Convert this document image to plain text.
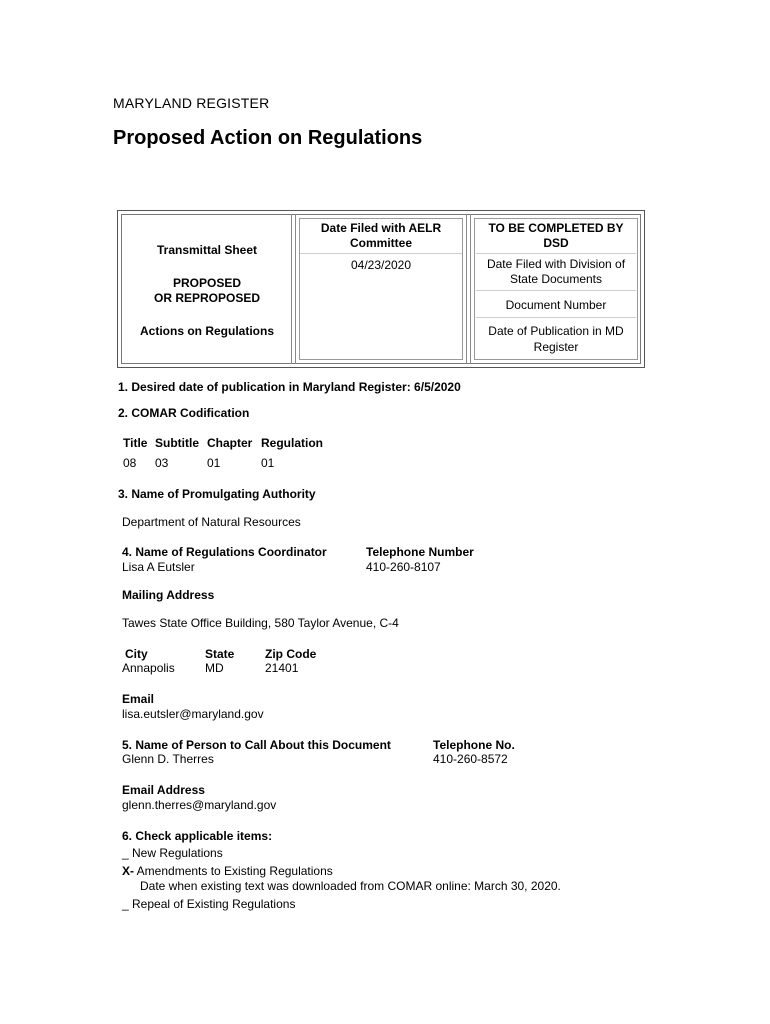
MARYLAND REGISTER
Proposed Action on Regulations
Transmittal Sheet
PROPOSED
OR REPROPOSED
Actions on Regulations
Date Filed with AELR
Committee
04/23/2020
TO BE COMPLETED BY
DSD
Date Filed with Division of
State Documents
Document Number
Date of Publication in MD
Register
1. Desired date of publication in Maryland Register: 6/5/2020
2. COMAR Codification
Title Subtitle Chapter Regulation
08 03	01	01
3. Name of Promulgating Authority
Department of Natural Resources
4. Name of Regulations Coordinator
Lisa A Eutsler
Telephone Number
410-260-8107
Mailing Address
Tawes State Office Building, 580 Taylor Avenue, C-4
City
Annapolis
State
MD
Zip Code
21401
Email
lisa.eutsler@maryland.gov
5. Name of Person to Call About this Document
Glenn D. Therres
Telephone No.
410-260-8572
Email Address
glenn.therres@maryland.gov
6. Check applicable items:
_ New Regulations
X- Amendments to Existing Regulations
Date when existing text was downloaded from COMAR online: March 30, 2020.
_ Repeal of Existing Regulations
